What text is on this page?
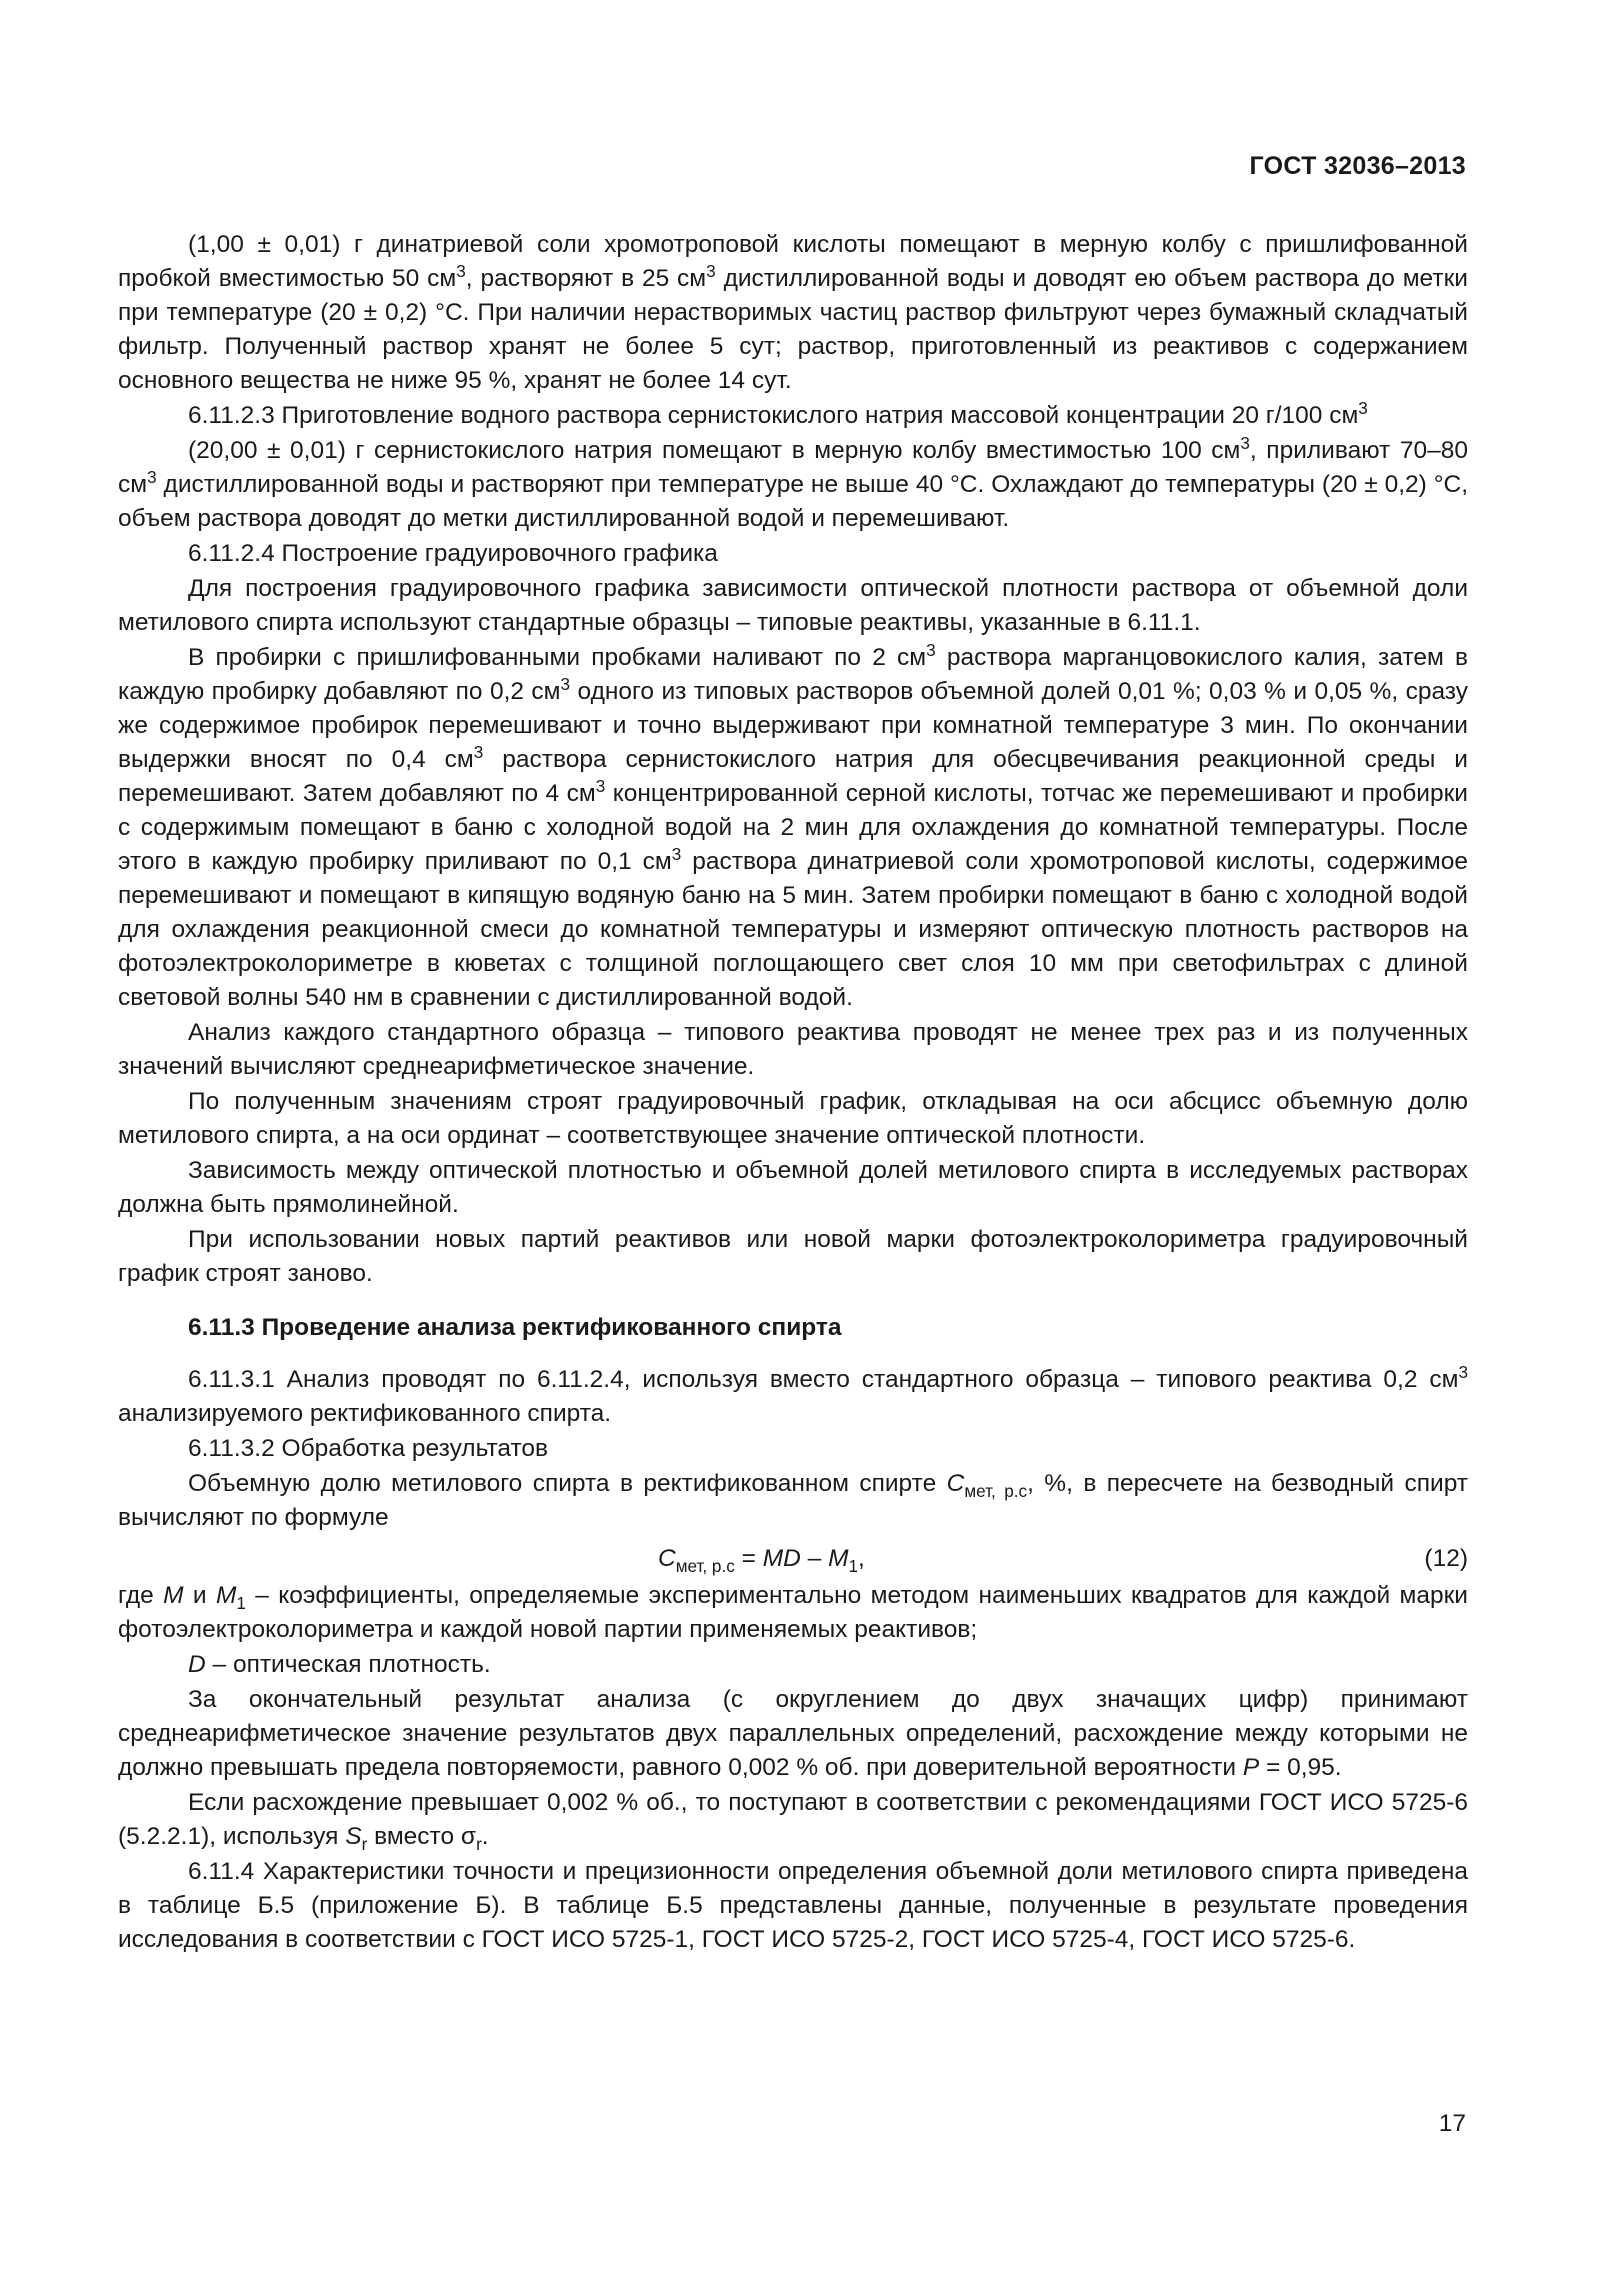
ГОСТ 32036–2013

(1,00 ± 0,01) г динатриевой соли хромотроповой кислоты помещают в мерную колбу с пришлифованной пробкой вместимостью 50 $см^3$, растворяют в 25 $см^3$ дистиллированной воды и доводят ею объем раствора до метки при температуре (20 ± 0,2) °С. При наличии нерастворимых частиц раствор фильтруют через бумажный складчатый фильтр. Полученный раствор хранят не более 5 сут; раствор, приготовленный из реактивов с содержанием основного вещества не ниже 95 %, хранят не более 14 сут.

6.11.2.3 Приготовление водного раствора сернистокислого натрия массовой концентрации 20 г/100 $см^3$

(20,00 ± 0,01) г сернистокислого натрия помещают в мерную колбу вместимостью 100 $см^3$, приливают 70–80 $см^3$ дистиллированной воды и растворяют при температуре не выше 40 °С. Охлаждают до температуры (20 ± 0,2) °С, объем раствора доводят до метки дистиллированной водой и перемешивают.

6.11.2.4 Построение градуировочного графика

Для построения градуировочного графика зависимости оптической плотности раствора от объемной доли метилового спирта используют стандартные образцы – типовые реактивы, указанные в 6.11.1.

В пробирки с пришлифованными пробками наливают по 2 $см^3$ раствора марганцовокислого калия, затем в каждую пробирку добавляют по 0,2 $см^3$ одного из типовых растворов объемной долей 0,01 %; 0,03 % и 0,05 %, сразу же содержимое пробирок перемешивают и точно выдерживают при комнатной температуре 3 мин. По окончании выдержки вносят по 0,4 $см^3$ раствора сернистокислого натрия для обесцвечивания реакционной среды и перемешивают. Затем добавляют по 4 $см^3$ концентрированной серной кислоты, тотчас же перемешивают и пробирки с содержимым помещают в баню с холодной водой на 2 мин для охлаждения до комнатной температуры. После этого в каждую пробирку приливают по 0,1 $см^3$ раствора динатриевой соли хромотроповой кислоты, содержимое перемешивают и помещают в кипящую водяную баню на 5 мин. Затем пробирки помещают в баню с холодной водой для охлаждения реакционной смеси до комнатной температуры и измеряют оптическую плотность растворов на фотоэлектроколориметре в кюветах с толщиной поглощающего свет слоя 10 мм при светофильтрах с длиной световой волны 540 нм в сравнении с дистиллированной водой.

Анализ каждого стандартного образца – типового реактива проводят не менее трех раз и из полученных значений вычисляют среднеарифметическое значение.

По полученным значениям строят градуировочный график, откладывая на оси абсцисс объемную долю метилового спирта, а на оси ординат – соответствующее значение оптической плотности.

Зависимость между оптической плотностью и объемной долей метилового спирта в исследуемых растворах должна быть прямолинейной.

При использовании новых партий реактивов или новой марки фотоэлектроколориметра градуировочный график строят заново.

6.11.3 Проведение анализа ректификованного спирта

6.11.3.1 Анализ проводят по 6.11.2.4, используя вместо стандартного образца – типового реактива 0,2 $см^3$ анализируемого ректификованного спирта.

6.11.3.2 Обработка результатов

Объемную долю метилового спирта в ректификованном спирте $С_{мет, р.с}$, %, в пересчете на безводный спирт вычисляют по формуле

$С_{мет, р.с}$ = MD – $M_1$,	(12)

где M и $M_1$ – коэффициенты, определяемые экспериментально методом наименьших квадратов для каждой марки фотоэлектроколориметра и каждой новой партии применяемых реактивов;

D – оптическая плотность.

За окончательный результат анализа (с округлением до двух значащих цифр) принимают среднеарифметическое значение результатов двух параллельных определений, расхождение между которыми не должно превышать предела повторяемости, равного 0,002 % об. при доверительной вероятности P = 0,95.

Если расхождение превышает 0,002 % об., то поступают в соответствии с рекомендациями ГОСТ ИСО 5725-6 (5.2.2.1), используя $S_r$ вместо $\sigma_r$.

6.11.4 Характеристики точности и прецизионности определения объемной доли метилового спирта приведена в таблице Б.5 (приложение Б). В таблице Б.5 представлены данные, полученные в результате проведения исследования в соответствии с ГОСТ ИСО 5725-1, ГОСТ ИСО 5725-2, ГОСТ ИСО 5725-4, ГОСТ ИСО 5725-6.

17
